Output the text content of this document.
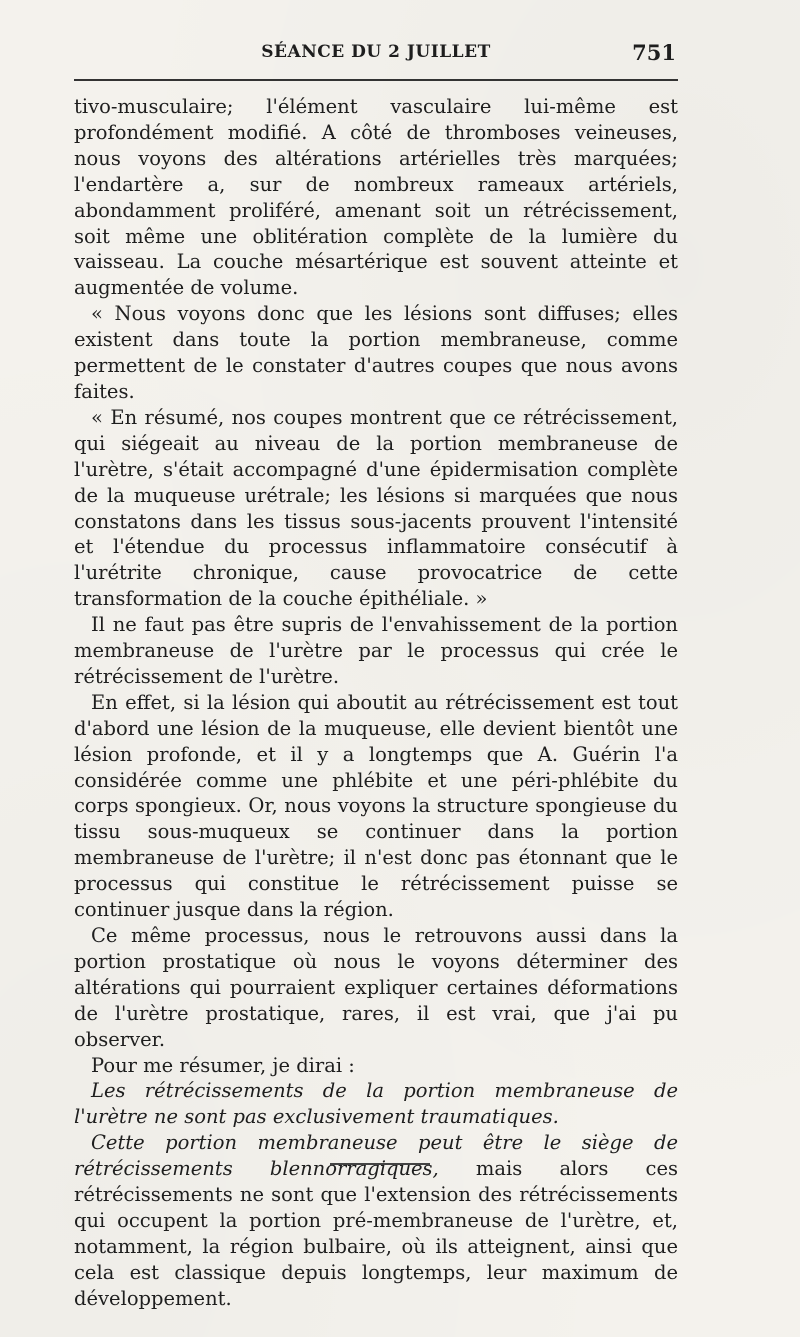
SÉANCE DU 2 JUILLET	751

tivo-musculaire; l'élément vasculaire lui-même est profondément modifié. A côté de thromboses veineuses, nous voyons des altérations artérielles très marquées; l'endartère a, sur de nombreux rameaux artériels, abondamment proliféré, amenant soit un rétrécissement, soit même une oblitération complète de la lumière du vaisseau. La couche mésartérique est souvent atteinte et augmentée de volume.

« Nous voyons donc que les lésions sont diffuses; elles existent dans toute la portion membraneuse, comme permettent de le constater d'autres coupes que nous avons faites.

« En résumé, nos coupes montrent que ce rétrécissement, qui siégeait au niveau de la portion membraneuse de l'urètre, s'était accompagné d'une épidermisation complète de la muqueuse urétrale; les lésions si marquées que nous constatons dans les tissus sous-jacents prouvent l'intensité et l'étendue du processus inflammatoire consécutif à l'urétrite chronique, cause provocatrice de cette transformation de la couche épithéliale. »

Il ne faut pas être supris de l'envahissement de la portion membraneuse de l'urètre par le processus qui crée le rétrécissement de l'urètre.

En effet, si la lésion qui aboutit au rétrécissement est tout d'abord une lésion de la muqueuse, elle devient bientôt une lésion profonde, et il y a longtemps que A. Guérin l'a considérée comme une phlébite et une péri-phlébite du corps spongieux. Or, nous voyons la structure spongieuse du tissu sous-muqueux se continuer dans la portion membraneuse de l'urètre; il n'est donc pas étonnant que le processus qui constitue le rétrécissement puisse se continuer jusque dans la région.

Ce même processus, nous le retrouvons aussi dans la portion prostatique où nous le voyons déterminer des altérations qui pourraient expliquer certaines déformations de l'urètre prostatique, rares, il est vrai, que j'ai pu observer.

Pour me résumer, je dirai :

Les rétrécissements de la portion membraneuse de l'urètre ne sont pas exclusivement traumatiques.

Cette portion membraneuse peut être le siège de rétrécissements blennorragiques, mais alors ces rétrécissements ne sont que l'extension des rétrécissements qui occupent la portion pré-membraneuse de l'urètre, et, notamment, la région bulbaire, où ils atteignent, ainsi que cela est classique depuis longtemps, leur maximum de développement.
